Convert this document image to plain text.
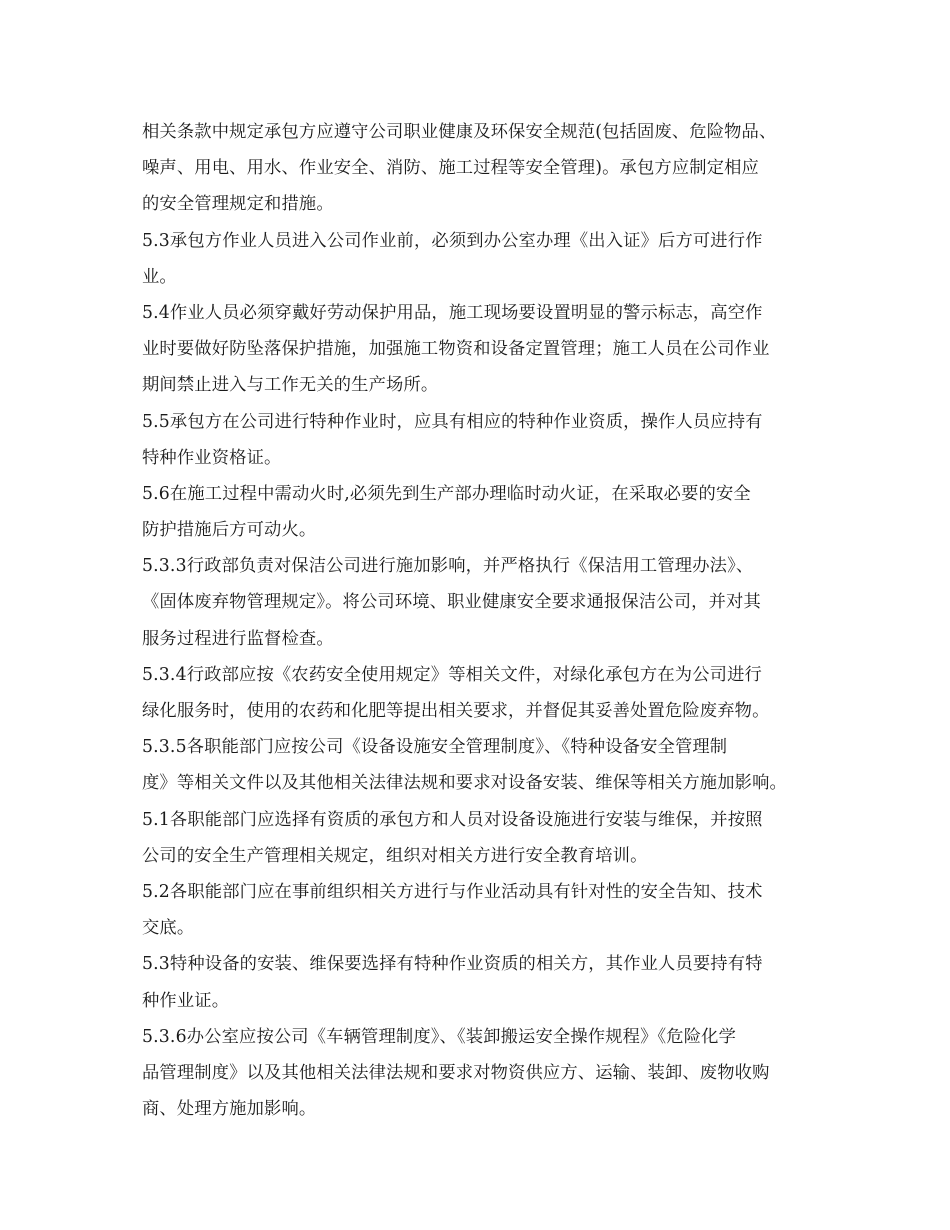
相关条款中规定承包方应遵守公司职业健康及环保安全规范(包括固废、危险物品、
噪声、用电、用水、作业安全、消防、施工过程等安全管理)。承包方应制定相应
的安全管理规定和措施。
5.3承包方作业人员进入公司作业前，必须到办公室办理《出入证》后方可进行作
业。
5.4作业人员必须穿戴好劳动保护用品，施工现场要设置明显的警示标志，高空作
业时要做好防坠落保护措施，加强施工物资和设备定置管理；施工人员在公司作业
期间禁止进入与工作无关的生产场所。
5.5承包方在公司进行特种作业时，应具有相应的特种作业资质，操作人员应持有
特种作业资格证。
5.6在施工过程中需动火时,必须先到生产部办理临时动火证，在采取必要的安全
防护措施后方可动火。
5.3.3行政部负责对保洁公司进行施加影响，并严格执行《保洁用工管理办法》、
《固体废弃物管理规定》。将公司环境、职业健康安全要求通报保洁公司，并对其
服务过程进行监督检查。
5.3.4行政部应按《农药安全使用规定》等相关文件，对绿化承包方在为公司进行
绿化服务时，使用的农药和化肥等提出相关要求，并督促其妥善处置危险废弃物。
5.3.5各职能部门应按公司《设备设施安全管理制度》、《特种设备安全管理制
度》等相关文件以及其他相关法律法规和要求对设备安装、维保等相关方施加影响。
5.1各职能部门应选择有资质的承包方和人员对设备设施进行安装与维保，并按照
公司的安全生产管理相关规定，组织对相关方进行安全教育培训。
5.2各职能部门应在事前组织相关方进行与作业活动具有针对性的安全告知、技术
交底。
5.3特种设备的安装、维保要选择有特种作业资质的相关方，其作业人员要持有特
种作业证。
5.3.6办公室应按公司《车辆管理制度》、《装卸搬运安全操作规程》《危险化学
品管理制度》以及其他相关法律法规和要求对物资供应方、运输、装卸、废物收购
商、处理方施加影响。
